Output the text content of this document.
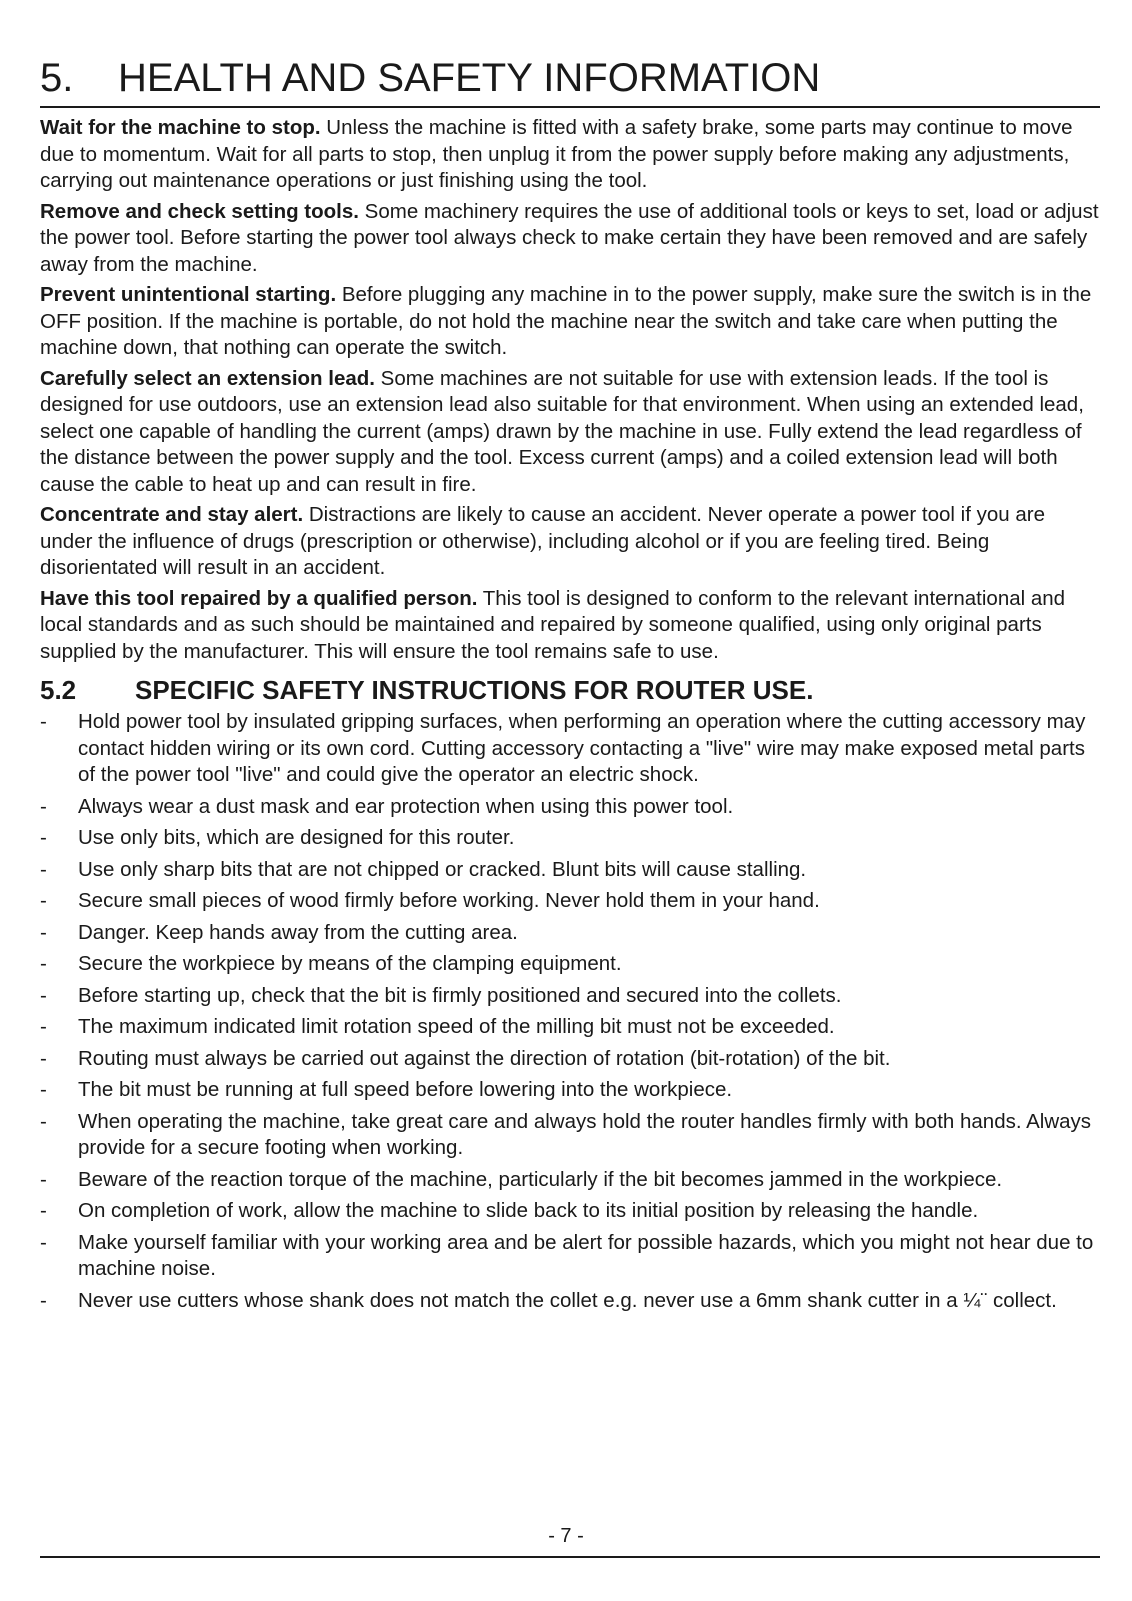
5. HEALTH AND SAFETY INFORMATION

Wait for the machine to stop. Unless the machine is fitted with a safety brake, some parts may continue to move due to momentum. Wait for all parts to stop, then unplug it from the power supply before making any adjustments, carrying out maintenance operations or just finishing using the tool.

Remove and check setting tools. Some machinery requires the use of additional tools or keys to set, load or adjust the power tool. Before starting the power tool always check to make certain they have been removed and are safely away from the machine.

Prevent unintentional starting. Before plugging any machine in to the power supply, make sure the switch is in the OFF position. If the machine is portable, do not hold the machine near the switch and take care when putting the machine down, that nothing can operate the switch.

Carefully select an extension lead. Some machines are not suitable for use with extension leads. If the tool is designed for use outdoors, use an extension lead also suitable for that environment. When using an extended lead, select one capable of handling the current (amps) drawn by the machine in use. Fully extend the lead regardless of the distance between the power supply and the tool. Excess current (amps) and a coiled extension lead will both cause the cable to heat up and can result in fire.

Concentrate and stay alert. Distractions are likely to cause an accident. Never operate a power tool if you are under the influence of drugs (prescription or otherwise), including alcohol or if you are feeling tired. Being disorientated will result in an accident.

Have this tool repaired by a qualified person. This tool is designed to conform to the relevant international and local standards and as such should be maintained and repaired by someone qualified, using only original parts supplied by the manufacturer. This will ensure the tool remains safe to use.

5.2 SPECIFIC SAFETY INSTRUCTIONS FOR ROUTER USE.
- Hold power tool by insulated gripping surfaces, when performing an operation where the cutting accessory may contact hidden wiring or its own cord. Cutting accessory contacting a "live" wire may make exposed metal parts of the power tool "live" and could give the operator an electric shock.
- Always wear a dust mask and ear protection when using this power tool.
- Use only bits, which are designed for this router.
- Use only sharp bits that are not chipped or cracked. Blunt bits will cause stalling.
- Secure small pieces of wood firmly before working. Never hold them in your hand.
- Danger. Keep hands away from the cutting area.
- Secure the workpiece by means of the clamping equipment.
- Before starting up, check that the bit is firmly positioned and secured into the collets.
- The maximum indicated limit rotation speed of the milling bit must not be exceeded.
- Routing must always be carried out against the direction of rotation (bit-rotation) of the bit.
- The bit must be running at full speed before lowering into the workpiece.
- When operating the machine, take great care and always hold the router handles firmly with both hands. Always provide for a secure footing when working.
- Beware of the reaction torque of the machine, particularly if the bit becomes jammed in the workpiece.
- On completion of work, allow the machine to slide back to its initial position by releasing the handle.
- Make yourself familiar with your working area and be alert for possible hazards, which you might not hear due to machine noise.
- Never use cutters whose shank does not match the collet e.g. never use a 6mm shank cutter in a ¼¨ collect.
- 7 -
